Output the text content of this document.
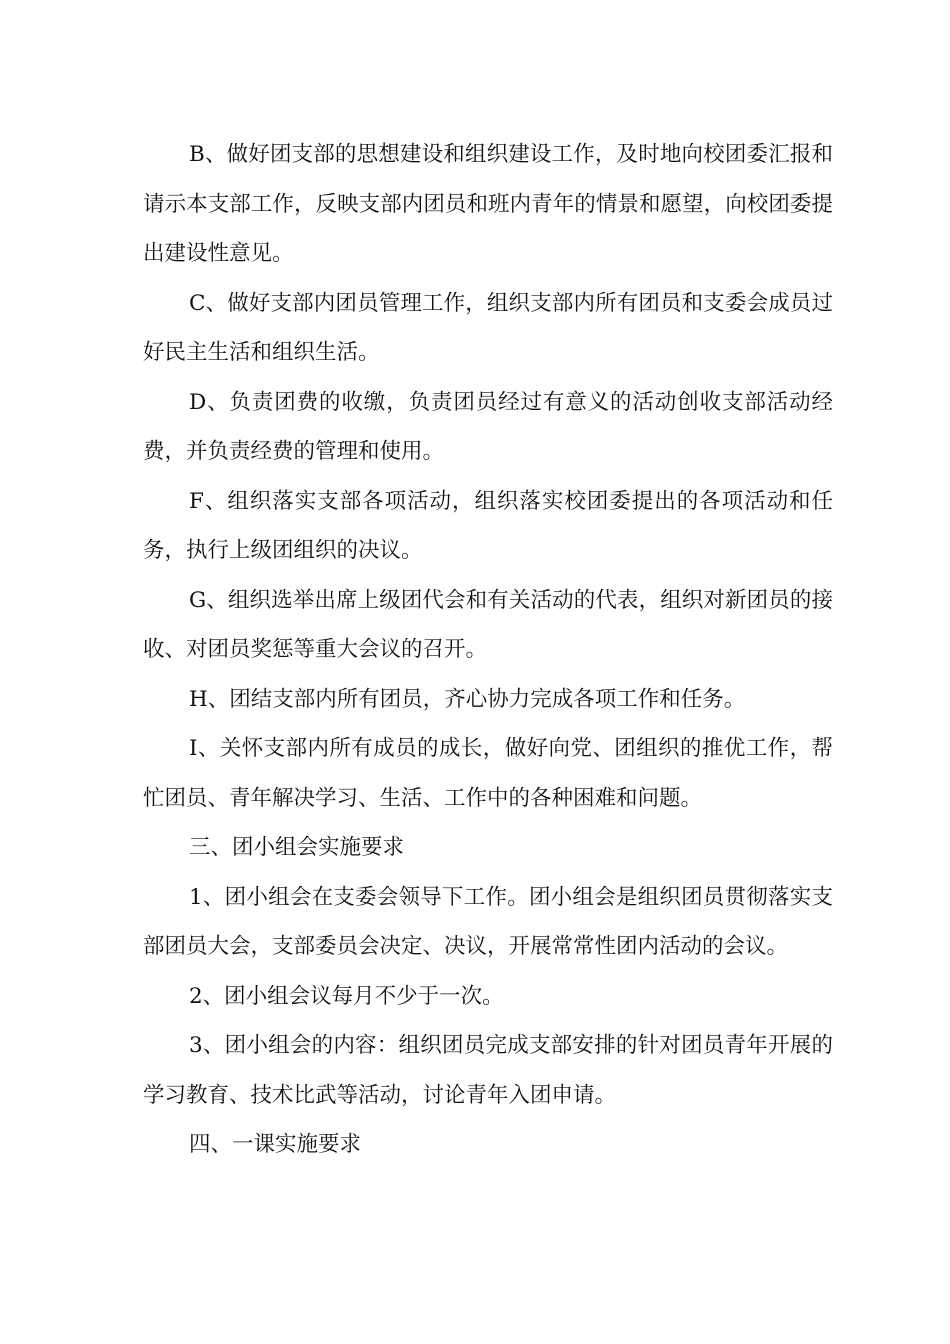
B、做好团支部的思想建设和组织建设工作，及时地向校团委汇报和请示本支部工作，反映支部内团员和班内青年的情景和愿望，向校团委提出建设性意见。

C、做好支部内团员管理工作，组织支部内所有团员和支委会成员过好民主生活和组织生活。

D、负责团费的收缴，负责团员经过有意义的活动创收支部活动经费，并负责经费的管理和使用。

F、组织落实支部各项活动，组织落实校团委提出的各项活动和任务，执行上级团组织的决议。

G、组织选举出席上级团代会和有关活动的代表，组织对新团员的接收、对团员奖惩等重大会议的召开。

H、团结支部内所有团员，齐心协力完成各项工作和任务。

I、关怀支部内所有成员的成长，做好向党、团组织的推优工作，帮忙团员、青年解决学习、生活、工作中的各种困难和问题。

三、团小组会实施要求

1、团小组会在支委会领导下工作。团小组会是组织团员贯彻落实支部团员大会，支部委员会决定、决议，开展常常性团内活动的会议。

2、团小组会议每月不少于一次。

3、团小组会的内容：组织团员完成支部安排的针对团员青年开展的学习教育、技术比武等活动，讨论青年入团申请。

四、一课实施要求
